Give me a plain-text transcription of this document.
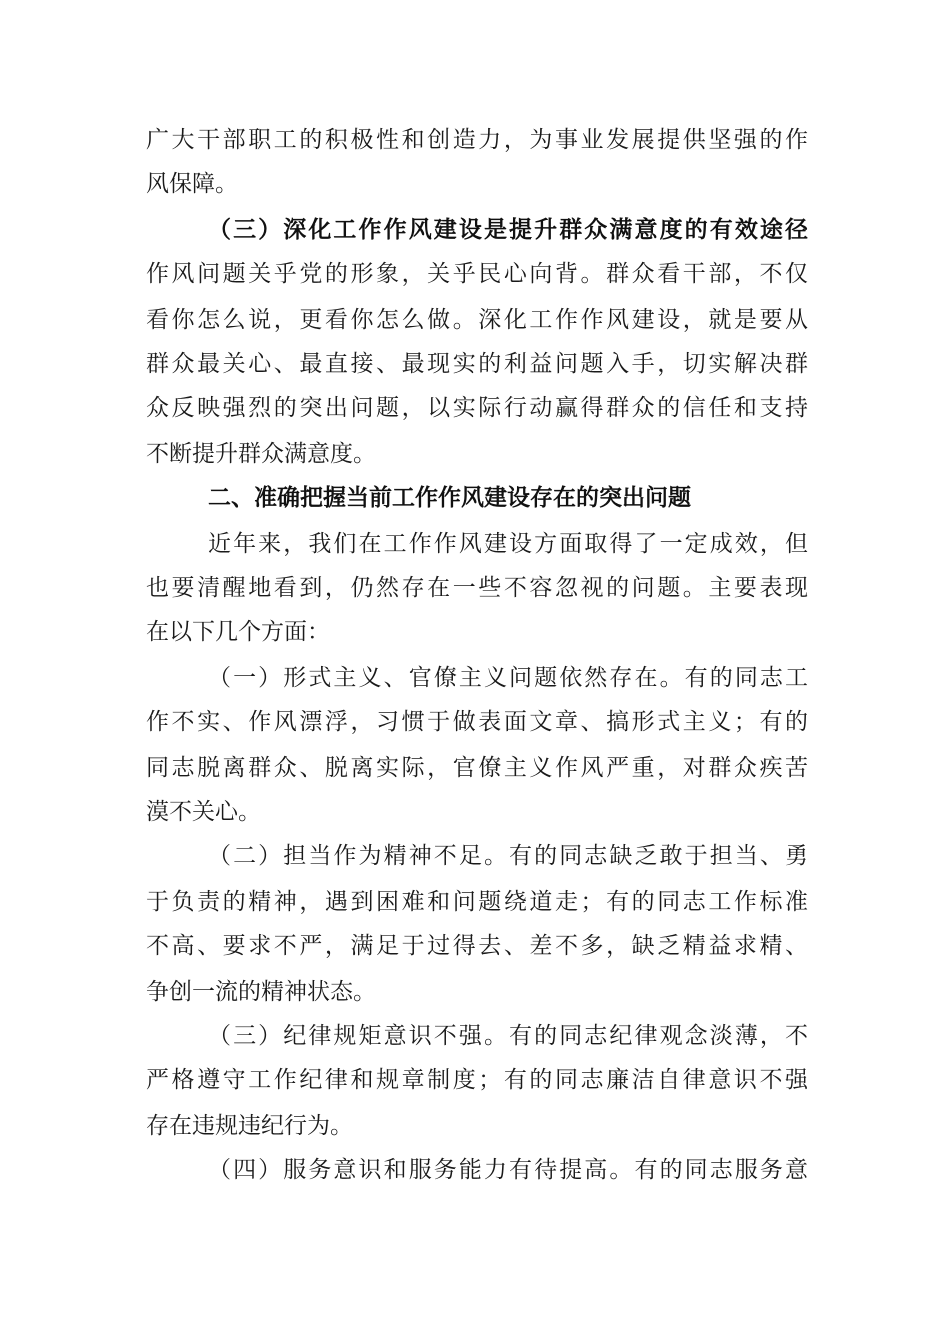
广大干部职工的积极性和创造力，为事业发展提供坚强的作
风保障。
（三）深化工作作风建设是提升群众满意度的有效途径
作风问题关乎党的形象，关乎民心向背。群众看干部，不仅
看你怎么说，更看你怎么做。深化工作作风建设，就是要从
群众最关心、最直接、最现实的利益问题入手，切实解决群
众反映强烈的突出问题，以实际行动赢得群众的信任和支持
不断提升群众满意度。
二、准确把握当前工作作风建设存在的突出问题
近年来，我们在工作作风建设方面取得了一定成效，但
也要清醒地看到，仍然存在一些不容忽视的问题。主要表现
在以下几个方面：
（一）形式主义、官僚主义问题依然存在。有的同志工
作不实、作风漂浮，习惯于做表面文章、搞形式主义；有的
同志脱离群众、脱离实际，官僚主义作风严重，对群众疾苦
漠不关心。
（二）担当作为精神不足。有的同志缺乏敢于担当、勇
于负责的精神，遇到困难和问题绕道走；有的同志工作标准
不高、要求不严，满足于过得去、差不多，缺乏精益求精、
争创一流的精神状态。
（三）纪律规矩意识不强。有的同志纪律观念淡薄，不
严格遵守工作纪律和规章制度；有的同志廉洁自律意识不强
存在违规违纪行为。
（四）服务意识和服务能力有待提高。有的同志服务意
